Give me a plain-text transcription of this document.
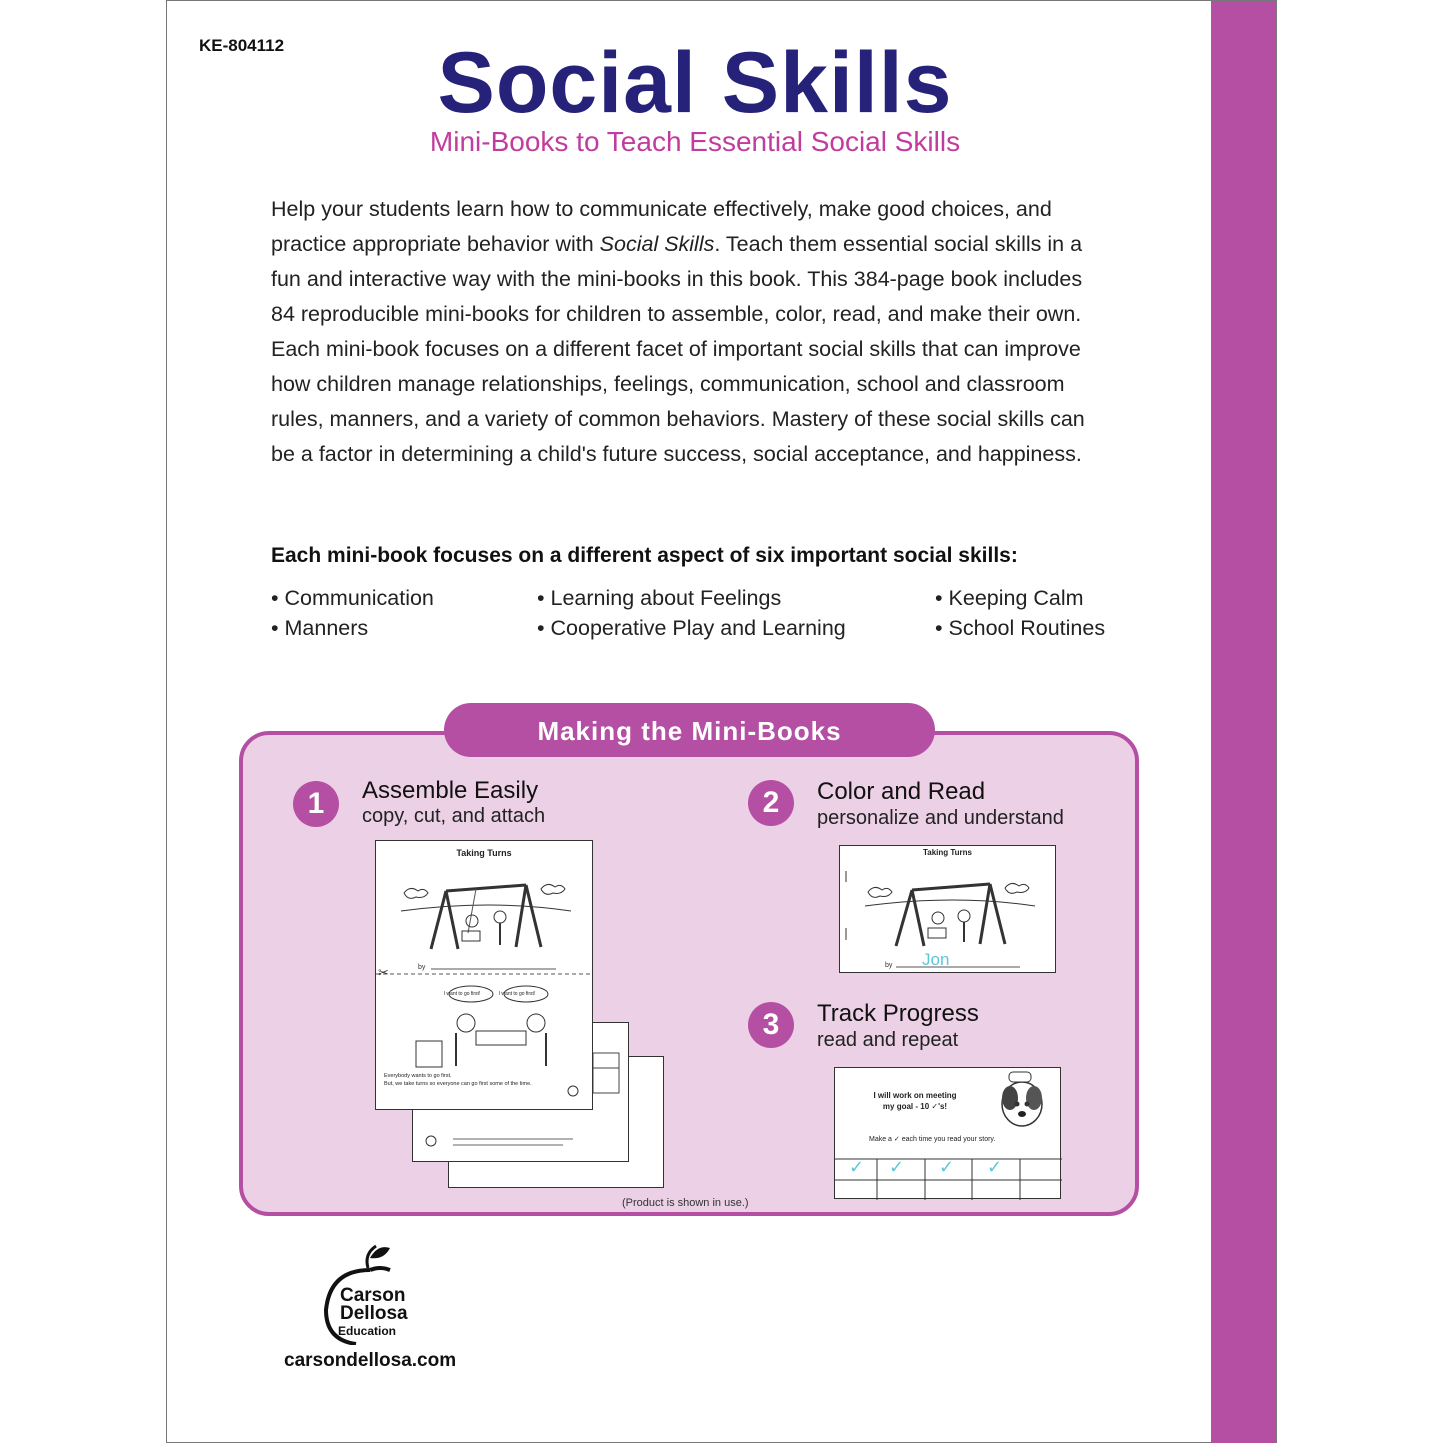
KE-804112	Social Skills
Mini-Books to Teach Essential Social Skills
Help your students learn how to communicate effectively, make good choices, and
practice appropriate behavior with Social Skills. Teach them essential social skills in a
fun and interactive way with the mini-books in this book. This 384-page book includes
84 reproducible mini-books for children to assemble, color, read, and make their own.
Each mini-book focuses on a different facet of important social skills that can improve
how children manage relationships, feelings, communication, school and classroom
rules, manners, and a variety of common behaviors. Mastery of these social skills can
be a factor in determining a child's future success, social acceptance, and happiness.
Each mini-book focuses on a different aspect of six important social skills:
• Communication
• Manners
• Learning about Feelings
• Cooperative Play and Learning
• Keeping Calm
• School Routines
Making the Mini-Books
1	Assemble Easily
copy, cut, and attach	2	Color and Read
personalize and understand
3	Track Progress
read and repeat
Taking Turns
by
✂
I want to go first!	I want to go first!
Everybody wants to go first.
But, we take turns so everyone can go first some of the time.
Taking Turns
by Jon
I will work on meeting
my goal - 10 ✓'s!
Make a ✓ each time you read your story.
✓ ✓ ✓ ✓
(Product is shown in use.)
Carson
Dellosa
Education
carsondellosa.com
